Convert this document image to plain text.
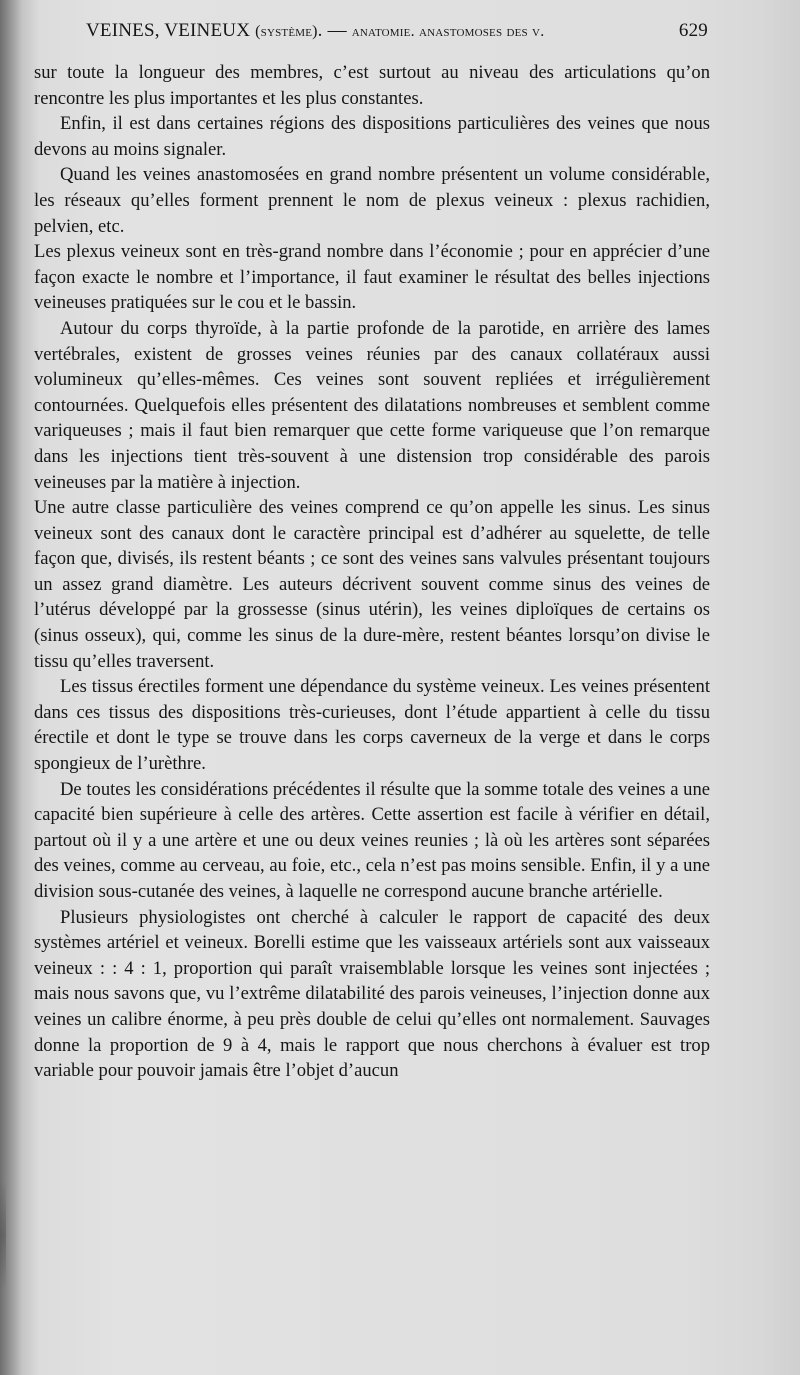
VEINES, VEINEUX (système). — anatomie. anastomoses des v.	629

sur toute la longueur des membres, c’est surtout au niveau des articulations qu’on rencontre les plus importantes et les plus constantes.

Enfin, il est dans certaines régions des dispositions particulières des veines que nous devons au moins signaler.

Quand les veines anastomosées en grand nombre présentent un volume considérable, les réseaux qu’elles forment prennent le nom de plexus veineux : plexus rachidien, pelvien, etc.

Les plexus veineux sont en très-grand nombre dans l’économie ; pour en apprécier d’une façon exacte le nombre et l’importance, il faut examiner le résultat des belles injections veineuses pratiquées sur le cou et le bassin.

Autour du corps thyroïde, à la partie profonde de la parotide, en arrière des lames vertébrales, existent de grosses veines réunies par des canaux collatéraux aussi volumineux qu’elles-mêmes. Ces veines sont souvent repliées et irrégulièrement contournées. Quelquefois elles présentent des dilatations nombreuses et semblent comme variqueuses ; mais il faut bien remarquer que cette forme variqueuse que l’on remarque dans les injections tient très-souvent à une distension trop considérable des parois veineuses par la matière à injection.

Une autre classe particulière des veines comprend ce qu’on appelle les sinus. Les sinus veineux sont des canaux dont le caractère principal est d’adhérer au squelette, de telle façon que, divisés, ils restent béants ; ce sont des veines sans valvules présentant toujours un assez grand diamètre. Les auteurs décrivent souvent comme sinus des veines de l’utérus développé par la grossesse (sinus utérin), les veines diploïques de certains os (sinus osseux), qui, comme les sinus de la dure-mère, restent béantes lorsqu’on divise le tissu qu’elles traversent.

Les tissus érectiles forment une dépendance du système veineux. Les veines présentent dans ces tissus des dispositions très-curieuses, dont l’étude appartient à celle du tissu érectile et dont le type se trouve dans les corps caverneux de la verge et dans le corps spongieux de l’urèthre.

De toutes les considérations précédentes il résulte que la somme totale des veines a une capacité bien supérieure à celle des artères. Cette assertion est facile à vérifier en détail, partout où il y a une artère et une ou deux veines reunies ; là où les artères sont séparées des veines, comme au cerveau, au foie, etc., cela n’est pas moins sensible. Enfin, il y a une division sous-cutanée des veines, à laquelle ne correspond aucune branche artérielle.

Plusieurs physiologistes ont cherché à calculer le rapport de capacité des deux systèmes artériel et veineux. Borelli estime que les vaisseaux artériels sont aux vaisseaux veineux : : 4 : 1, proportion qui paraît vraisemblable lorsque les veines sont injectées ; mais nous savons que, vu l’extrême dilatabilité des parois veineuses, l’injection donne aux veines un calibre énorme, à peu près double de celui qu’elles ont normalement. Sauvages donne la proportion de 9 à 4, mais le rapport que nous cherchons à évaluer est trop variable pour pouvoir jamais être l’objet d’aucun
